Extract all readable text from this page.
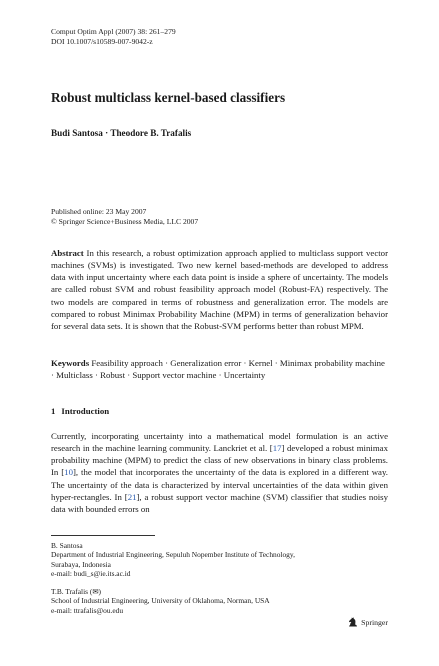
Comput Optim Appl (2007) 38: 261–279
DOI 10.1007/s10589-007-9042-z
Robust multiclass kernel-based classifiers
Budi Santosa · Theodore B. Trafalis
Published online: 23 May 2007
© Springer Science+Business Media, LLC 2007
Abstract In this research, a robust optimization approach applied to multiclass support vector machines (SVMs) is investigated. Two new kernel based-methods are developed to address data with input uncertainty where each data point is inside a sphere of uncertainty. The models are called robust SVM and robust feasibility approach model (Robust-FA) respectively. The two models are compared in terms of robustness and generalization error. The models are compared to robust Minimax Probability Machine (MPM) in terms of generalization behavior for several data sets. It is shown that the Robust-SVM performs better than robust MPM.
Keywords Feasibility approach · Generalization error · Kernel · Minimax probability machine · Multiclass · Robust · Support vector machine · Uncertainty
1 Introduction
Currently, incorporating uncertainty into a mathematical model formulation is an active research in the machine learning community. Lanckriet et al. [17] developed a robust minimax probability machine (MPM) to predict the class of new observations in binary class problems. In [10], the model that incorporates the uncertainty of the data is explored in a different way. The uncertainty of the data is characterized by interval uncertainties of the data within given hyper-rectangles. In [21], a robust support vector machine (SVM) classifier that studies noisy data with bounded errors on
B. Santosa
Department of Industrial Engineering, Sepuluh Nopember Institute of Technology,
Surabaya, Indonesia
e-mail: budi_s@ie.its.ac.id
T.B. Trafalis (✉)
School of Industrial Engineering, University of Oklahoma, Norman, USA
e-mail: ttrafalis@ou.edu
Springer
